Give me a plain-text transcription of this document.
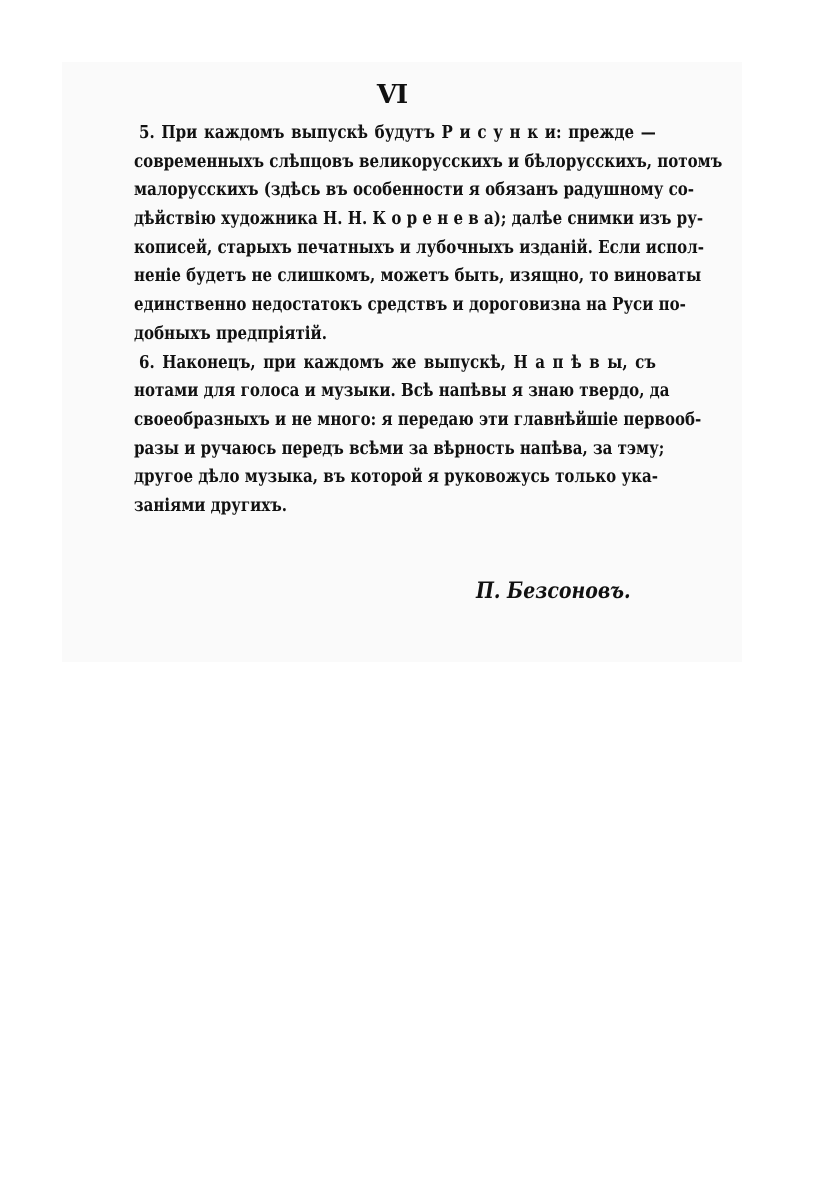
VI
5. При каждомъ выпускѣ будутъ Р и с у н к и: прежде —
современныхъ слѣпцовъ великорусскихъ и бѣлорусскихъ, потомъ
малорусскихъ (здѣсь въ особенности я обязанъ радушному со-
дѣйствію художника Н. Н. К о р е н е в а); далѣе снимки изъ ру-
кописей, старыхъ печатныхъ и лубочныхъ изданій. Если испол-
неніе будетъ не слишкомъ, можетъ быть, изящно, то виноваты
единственно недостатокъ средствъ и дороговизна на Руси по-
добныхъ предпріятій.
6. Наконецъ, при каждомъ же выпускѣ, Н а п ѣ в ы, съ
нотами для голоса и музыки. Всѣ напѣвы я знаю твердо, да
своеобразныхъ и не много: я передаю эти главнѣйшіе первооб-
разы и ручаюсь передъ всѣми за вѣрность напѣва, за тэму;
другое дѣло музыка, въ которой я руковожусь только ука-
заніями другихъ.
П. Безсоновъ.
